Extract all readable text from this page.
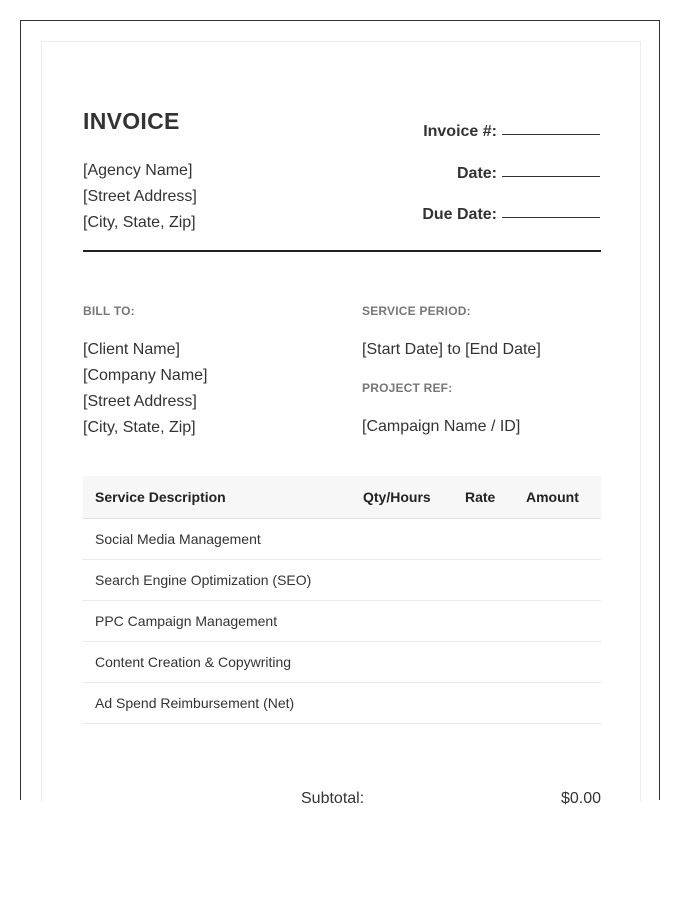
INVOICE
[Agency Name]
[Street Address]
[City, State, Zip]
Invoice #:
Date:
Due Date:
BILL TO:
[Client Name]
[Company Name]
[Street Address]
[City, State, Zip]
SERVICE PERIOD:
[Start Date] to [End Date]
PROJECT REF:
[Campaign Name / ID]
Service Description	Qty/Hours	Rate	Amount
Social Media Management			
Search Engine Optimization (SEO)			
PPC Campaign Management			
Content Creation & Copywriting			
Ad Spend Reimbursement (Net)			
Subtotal:	$0.00
